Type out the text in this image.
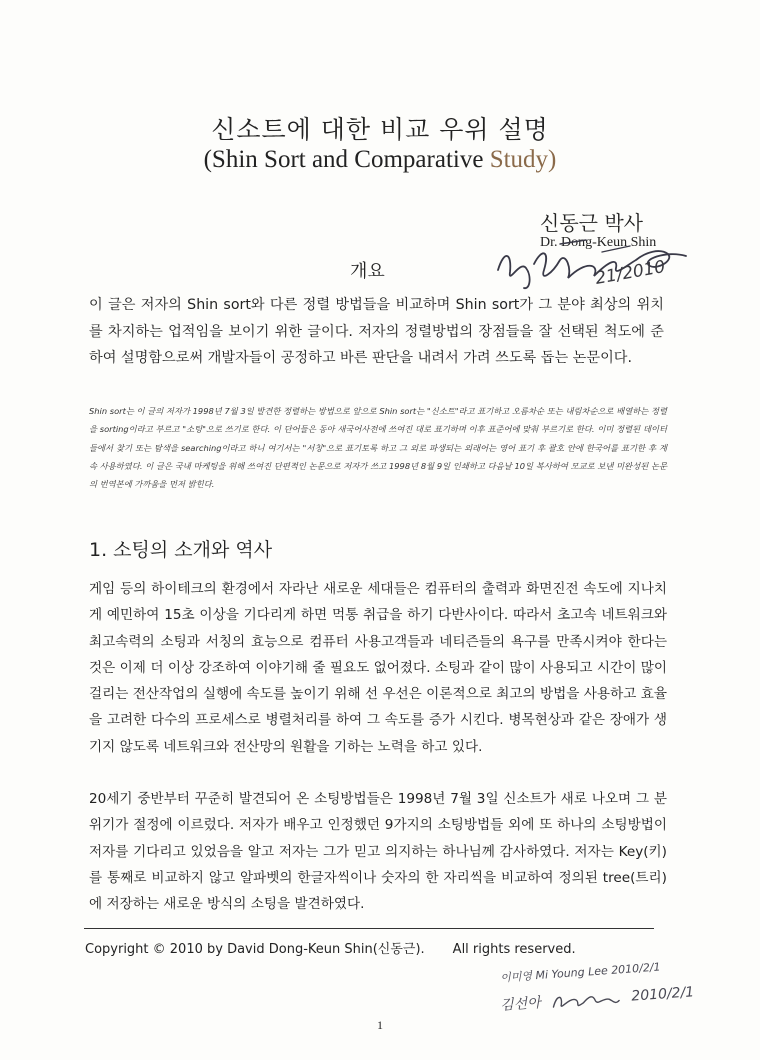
신소트에 대한 비교 우위 설명
(Shin Sort and Comparative Study)
신동근 박사
Dr. Dong-Keun Shin
21/2010
개요
이 글은 저자의 Shin sort와 다른 정렬 방법들을 비교하며 Shin sort가 그 분야 최상의 위치를 차지하는 업적임을 보이기 위한 글이다. 저자의 정렬방법의 장점들을 잘 선택된 척도에 준하여 설명함으로써 개발자들이 공정하고 바른 판단을 내려서 가려 쓰도록 돕는 논문이다.
Shin sort는 이 글의 저자가 1998년 7월 3일 발견한 정렬하는 방법으로 앞으로 Shin sort는 "신소트"라고 표기하고 오름차순 또는 내림차순으로 배열하는 정렬을 sorting이라고 부르고 "소팅"으로 쓰기로 한다. 이 단어들은 동아 새국어사전에 쓰여진 대로 표기하며 이후 표준어에 맞춰 부르기로 한다. 이미 정렬된 데이터들에서 찾기 또는 탐색을 searching이라고 하니 여기서는 "서칭"으로 표기토록 하고 그 외로 파생되는 외래어는 영어 표기 후 괄호 안에 한국어를 표기한 후 계속 사용하였다. 이 글은 국내 마케팅을 위해 쓰여진 단편적인 논문으로 저자가 쓰고 1998년 8월 9일 인쇄하고 다음날 10일 복사하여 모교로 보낸 미완성된 논문의 번역본에 가까움을 먼저 밝힌다.
1. 소팅의 소개와 역사
게임 등의 하이테크의 환경에서 자라난 새로운 세대들은 컴퓨터의 출력과 화면진전 속도에 지나치게 예민하여 15초 이상을 기다리게 하면 먹통 취급을 하기 다반사이다. 따라서 초고속 네트워크와 최고속력의 소팅과 서칭의 효능으로 컴퓨터 사용고객들과 네티즌들의 욕구를 만족시켜야 한다는 것은 이제 더 이상 강조하여 이야기해 줄 필요도 없어졌다. 소팅과 같이 많이 사용되고 시간이 많이 걸리는 전산작업의 실행에 속도를 높이기 위해 선 우선은 이론적으로 최고의 방법을 사용하고 효율을 고려한 다수의 프로세스로 병렬처리를 하여 그 속도를 증가 시킨다. 병목현상과 같은 장애가 생기지 않도록 네트워크와 전산망의 원활을 기하는 노력을 하고 있다.
20세기 중반부터 꾸준히 발견되어 온 소팅방법들은 1998년 7월 3일 신소트가 새로 나오며 그 분위기가 절정에 이르렀다. 저자가 배우고 인정했던 9가지의 소팅방법들 외에 또 하나의 소팅방법이 저자를 기다리고 있었음을 알고 저자는 그가 믿고 의지하는 하나님께 감사하였다. 저자는 Key(키)를 통째로 비교하지 않고 알파벳의 한글자씩이나 숫자의 한 자리씩을 비교하여 정의된 tree(트리)에 저장하는 새로운 방식의 소팅을 발견하였다.
Copyright © 2010 by David Dong-Keun Shin(신동근). All rights reserved.
이미영 Mi Young Lee 2010/2/1
김선아	2010/2/1
1
